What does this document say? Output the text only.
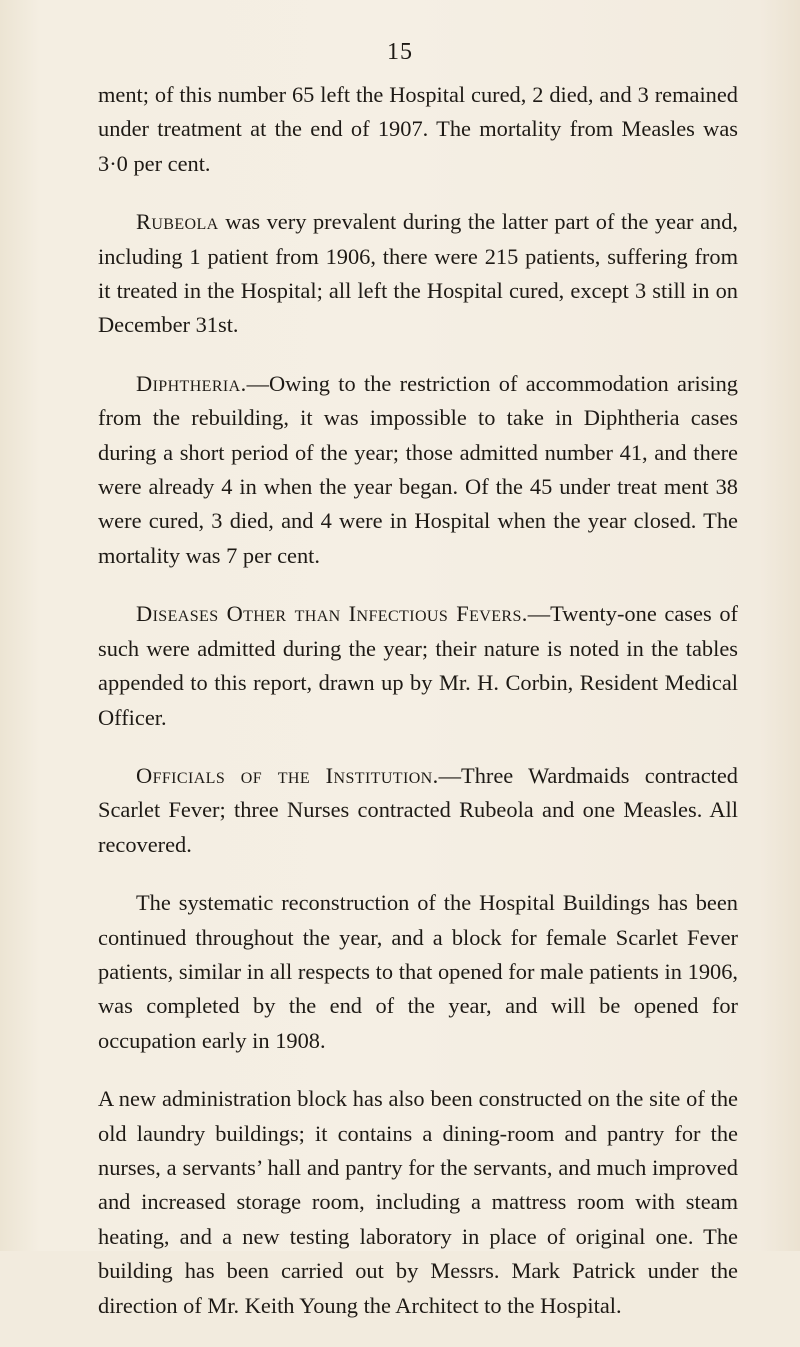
15

ment; of this number 65 left the Hospital cured, 2 died, and 3 remained under treatment at the end of 1907. The mortality from Measles was 3·0 per cent.

Rubeola was very prevalent during the latter part of the year and, including 1 patient from 1906, there were 215 patients, suffering from it treated in the Hospital; all left the Hospital cured, except 3 still in on December 31st.

Diphtheria.—Owing to the restriction of accommodation arising from the rebuilding, it was impossible to take in Diphtheria cases during a short period of the year; those admitted number 41, and there were already 4 in when the year began. Of the 45 under treat ment 38 were cured, 3 died, and 4 were in Hospital when the year closed. The mortality was 7 per cent.

Diseases Other than Infectious Fevers.—Twenty-one cases of such were admitted during the year; their nature is noted in the tables appended to this report, drawn up by Mr. H. Corbin, Resident Medical Officer.

Officials of the Institution.—Three Wardmaids contracted Scarlet Fever; three Nurses contracted Rubeola and one Measles. All recovered.

The systematic reconstruction of the Hospital Buildings has been continued throughout the year, and a block for female Scarlet Fever patients, similar in all respects to that opened for male patients in 1906, was completed by the end of the year, and will be opened for occupation early in 1908.

A new administration block has also been constructed on the site of the old laundry buildings; it contains a dining-room and pantry for the nurses, a servants’ hall and pantry for the servants, and much improved and increased storage room, including a mattress room with steam heating, and a new testing laboratory in place of original one. The building has been carried out by Messrs. Mark Patrick under the direction of Mr. Keith Young the Architect to the Hospital.
